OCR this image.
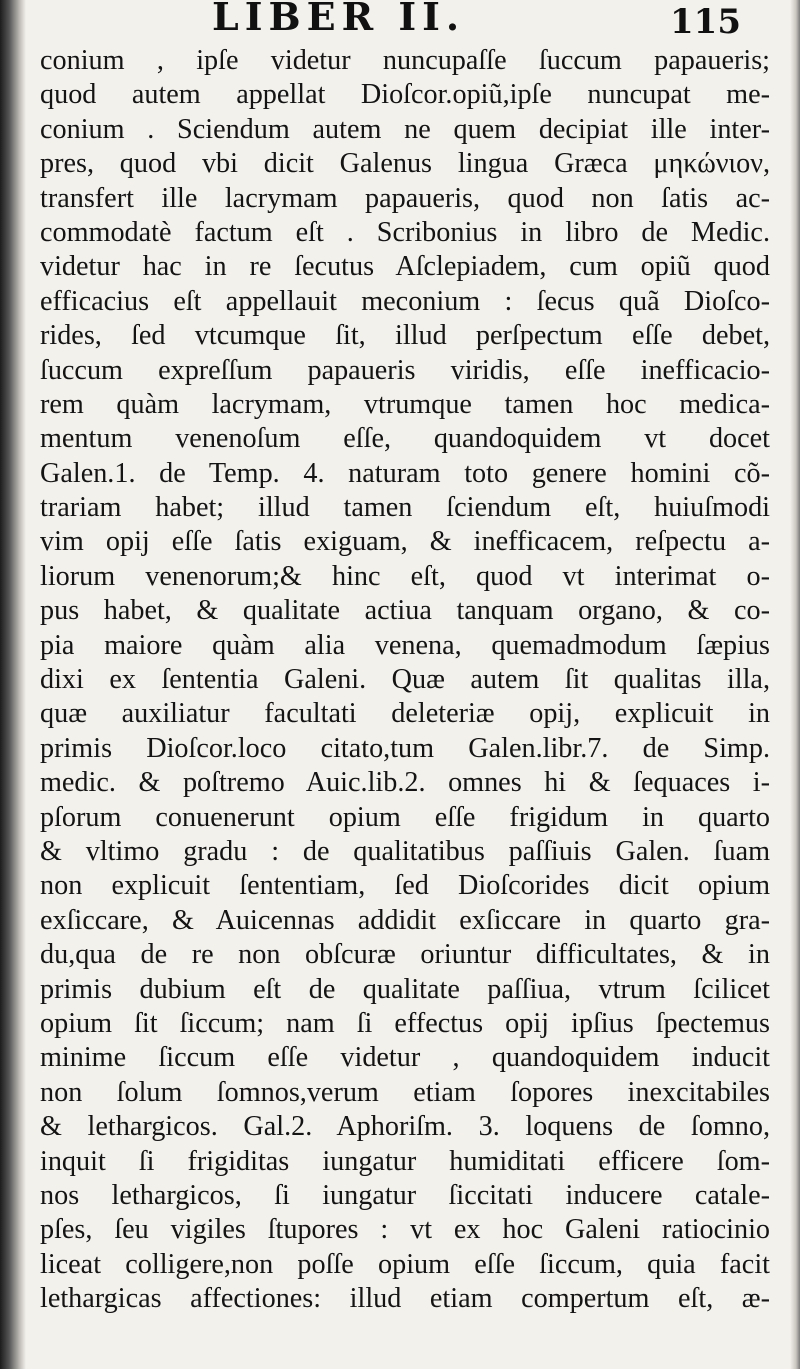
LIBER II.	115
conium , ipſe videtur nuncupaſſe ſuccum papaueris;
quod autem appellat Dioſcor.opiũ,ipſe nuncupat me-
conium . Sciendum autem ne quem decipiat ille inter-
pres, quod vbi dicit Galenus lingua Græca μηκώνιον,
transfert ille lacrymam papaueris, quod non ſatis ac-
commodatè factum eſt . Scribonius in libro de Medic.
videtur hac in re ſecutus Aſclepiadem, cum opiũ quod
efficacius eſt appellauit meconium : ſecus quã Dioſco-
rides, ſed vtcumque ſit, illud perſpectum eſſe debet,
ſuccum expreſſum papaueris viridis, eſſe inefficacio-
rem quàm lacrymam, vtrumque tamen hoc medica-
mentum venenoſum eſſe, quandoquidem vt docet
Galen.1. de Temp. 4. naturam toto genere homini cõ-
trariam habet; illud tamen ſciendum eſt, huiuſmodi
vim opij eſſe ſatis exiguam, & inefficacem, reſpectu a-
liorum venenorum;& hinc eſt, quod vt interimat o-
pus habet, & qualitate actiua tanquam organo, & co-
pia maiore quàm alia venena, quemadmodum ſæpius
dixi ex ſententia Galeni. Quæ autem ſit qualitas illa,
quæ auxiliatur facultati deleteriæ opij, explicuit in
primis Dioſcor.loco citato,tum Galen.libr.7. de Simp.
medic. & poſtremo Auic.lib.2. omnes hi & ſequaces i-
pſorum conuenerunt opium eſſe frigidum in quarto
& vltimo gradu : de qualitatibus paſſiuis Galen. ſuam
non explicuit ſententiam, ſed Dioſcorides dicit opium
exſiccare, & Auicennas addidit exſiccare in quarto gra-
du,qua de re non obſcuræ oriuntur difficultates, & in
primis dubium eſt de qualitate paſſiua, vtrum ſcilicet
opium ſit ſiccum; nam ſi effectus opij ipſius ſpectemus
minime ſiccum eſſe videtur , quandoquidem inducit
non ſolum ſomnos,verum etiam ſopores inexcitabiles
& lethargicos. Gal.2. Aphoriſm. 3. loquens de ſomno,
inquit ſi frigiditas iungatur humiditati efficere ſom-
nos lethargicos, ſi iungatur ſiccitati inducere catale-
pſes, ſeu vigiles ſtupores : vt ex hoc Galeni ratiocinio
liceat colligere,non poſſe opium eſſe ſiccum, quia facit
lethargicas affectiones: illud etiam compertum eſt, æ-
